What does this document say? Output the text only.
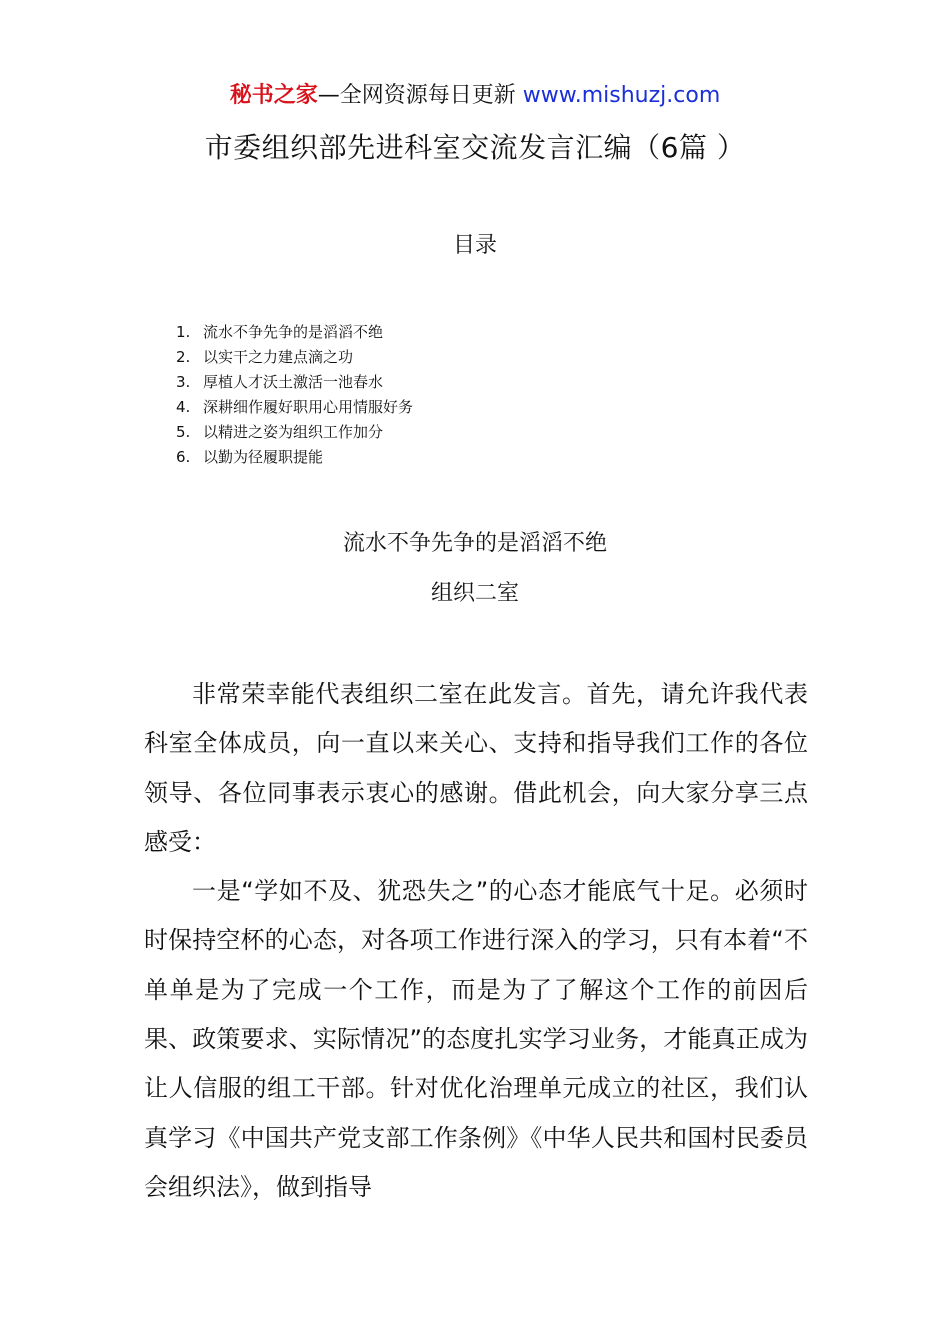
秘书之家—全网资源每日更新 www.mishuzj.com
市委组织部先进科室交流发言汇编（6篇 ）
目录
1. 流水不争先争的是滔滔不绝
2. 以实干之力建点滴之功
3. 厚植人才沃土激活一池春水
4. 深耕细作履好职用心用情服好务
5. 以精进之姿为组织工作加分
6. 以勤为径履职提能
流水不争先争的是滔滔不绝
组织二室

非常荣幸能代表组织二室在此发言。首先，请允许我代表科室全体成员，向一直以来关心、支持和指导我们工作的各位领导、各位同事表示衷心的感谢。借此机会，向大家分享三点感受：

一是“学如不及、犹恐失之”的心态才能底气十足。必须时时保持空杯的心态，对各项工作进行深入的学习，只有本着“不单单是为了完成一个工作，而是为了了解这个工作的前因后果、政策要求、实际情况”的态度扎实学习业务，才能真正成为让人信服的组工干部。针对优化治理单元成立的社区，我们认真学习《中国共产党支部工作条例》《中华人民共和国村民委员会组织法》，做到指导
